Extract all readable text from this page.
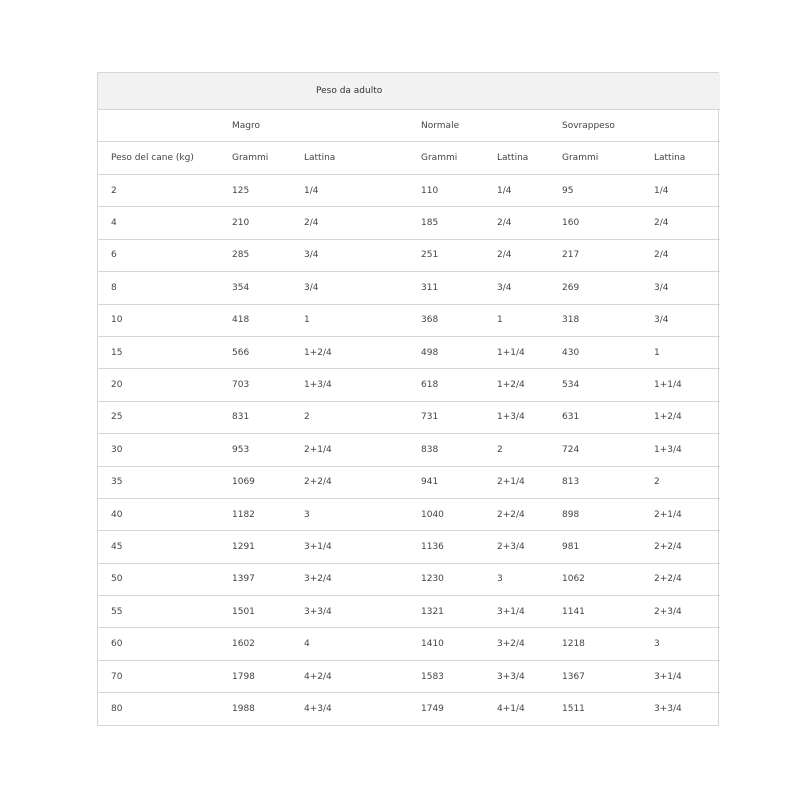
	Peso da adulto					
	Magro		Normale		Sovrappeso	
Peso del cane (kg)	Grammi	Lattina	Grammi	Lattina	Grammi	Lattina
2	125	1/4	110	1/4	95	1/4
4	210	2/4	185	2/4	160	2/4
6	285	3/4	251	2/4	217	2/4
8	354	3/4	311	3/4	269	3/4
10	418	1	368	1	318	3/4
15	566	1+2/4	498	1+1/4	430	1
20	703	1+3/4	618	1+2/4	534	1+1/4
25	831	2	731	1+3/4	631	1+2/4
30	953	2+1/4	838	2	724	1+3/4
35	1069	2+2/4	941	2+1/4	813	2
40	1182	3	1040	2+2/4	898	2+1/4
45	1291	3+1/4	1136	2+3/4	981	2+2/4
50	1397	3+2/4	1230	3	1062	2+2/4
55	1501	3+3/4	1321	3+1/4	1141	2+3/4
60	1602	4	1410	3+2/4	1218	3
70	1798	4+2/4	1583	3+3/4	1367	3+1/4
80	1988	4+3/4	1749	4+1/4	1511	3+3/4
